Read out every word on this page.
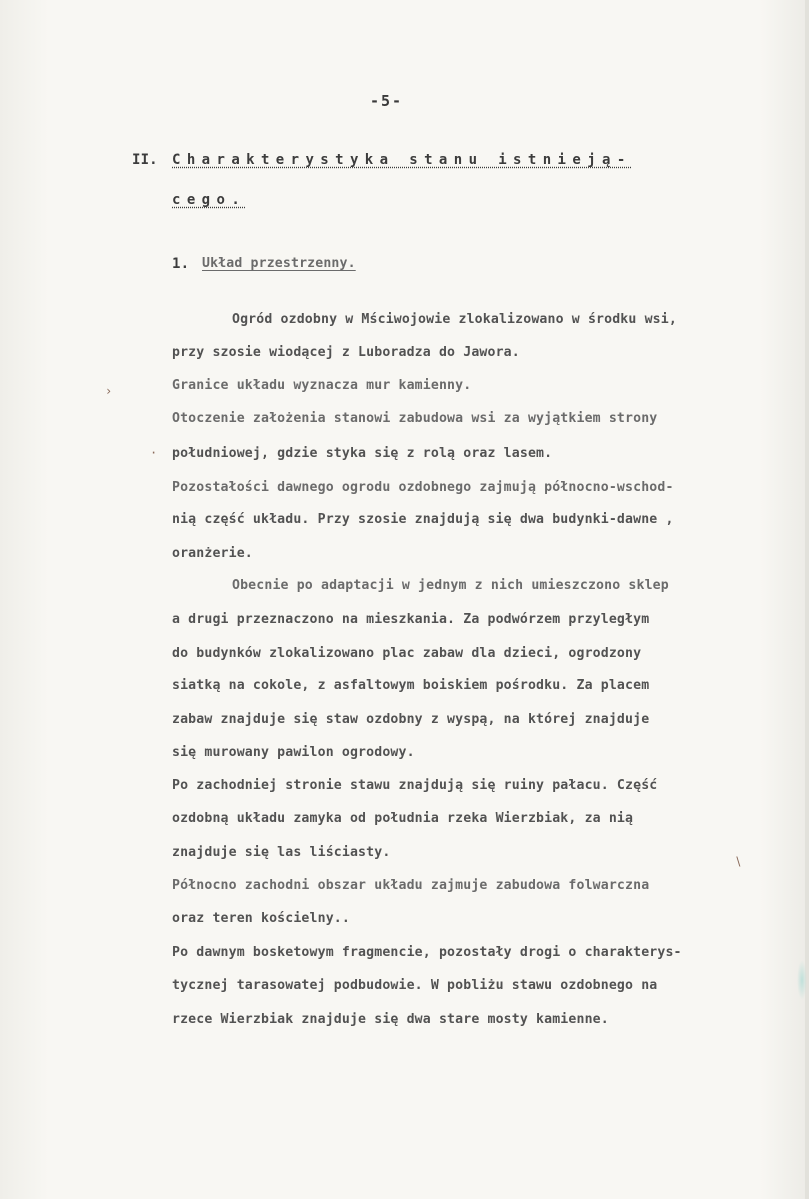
-5-
II. Charakterystyka stanu istnieją-
cego.
1. Układ przestrzenny.
Ogród ozdobny w Mściwojowie zlokalizowano w środku wsi,
przy szosie wiodącej z Luboradza do Jawora.
Granice układu wyznacza mur kamienny.
Otoczenie założenia stanowi zabudowa wsi za wyjątkiem strony
południowej, gdzie styka się z rolą oraz lasem.
Pozostałości dawnego ogrodu ozdobnego zajmują północno-wschod-
nią część układu. Przy szosie znajdują się dwa budynki-dawne ,
oranżerie.
Obecnie po adaptacji w jednym z nich umieszczono sklep
a drugi przeznaczono na mieszkania. Za podwórzem przyległym
do budynków zlokalizowano plac zabaw dla dzieci, ogrodzony
siatką na cokole, z asfaltowym boiskiem pośrodku. Za placem
zabaw znajduje się staw ozdobny z wyspą, na której znajduje
się murowany pawilon ogrodowy.
Po zachodniej stronie stawu znajdują się ruiny pałacu. Część
ozdobną układu zamyka od południa rzeka Wierzbiak, za nią
znajduje się las liściasty.
Północno zachodni obszar układu zajmuje zabudowa folwarczna
oraz teren kościelny..
Po dawnym bosketowym fragmencie, pozostały drogi o charakterys-
tycznej tarasowatej podbudowie. W pobliżu stawu ozdobnego na
rzece Wierzbiak znajduje się dwa stare mosty kamienne.
›
·
∖
